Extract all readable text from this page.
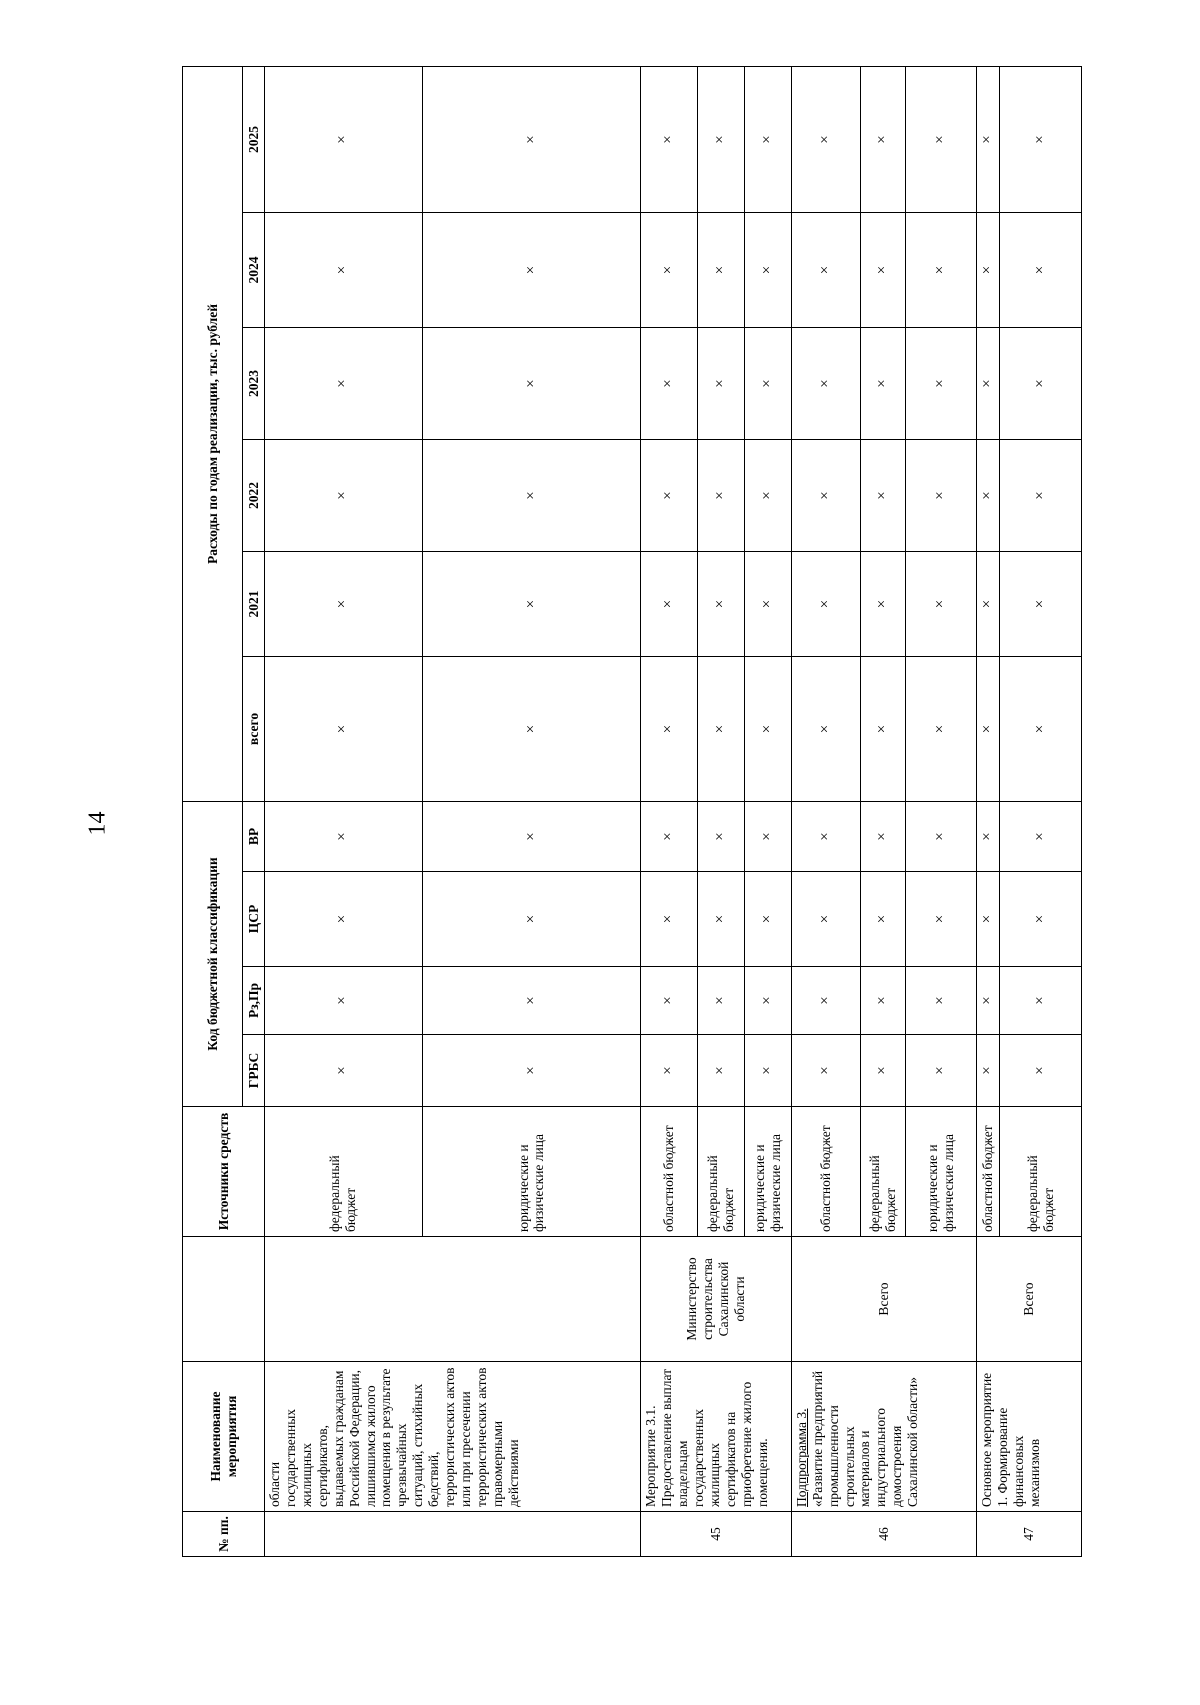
14
№ пп.	Наименование мероприятия		Источники средств	Код бюджетной классификации				Расходы по годам реализации, тыс. рублей					
				ГРБС	Рз,Пр	ЦСР	ВР	всего	2021	2022	2023	2024	2025
	области государственных жилищных сертификатов, выдаваемых гражданам Российской Федерации, лишившимся жилого помещения в результате чрезвычайных ситуаций, стихийных бедствий, террористических актов или при пресечении террористических актов правомерными действиями		федеральный бюджет	×	×	×	×	×	×	×	×	×	×
			юридические и физические лица	×	×	×	×	×	×	×	×	×	×
45	Мероприятие 3.1. Предоставление выплат владельцам государственных жилищных сертификатов на приобретение жилого помещения.	Министерство строительства Сахалинской области	областной бюджет	×	×	×	×	×	×	×	×	×	×
			федеральный бюджет	×	×	×	×	×	×	×	×	×	×
			юридические и физические лица	×	×	×	×	×	×	×	×	×	×
46	Подпрограмма 3. «Развитие предприятий промышленности строительных материалов и индустриального домостроения Сахалинской области»	Всего	областной бюджет	×	×	×	×	×	×	×	×	×	×
			федеральный бюджет	×	×	×	×	×	×	×	×	×	×
			юридические и физические лица	×	×	×	×	×	×	×	×	×	×
47	Основное мероприятие 1. Формирование финансовых механизмов	Всего	областной бюджет	×	×	×	×	×	×	×	×	×	×
			федеральный бюджет	×	×	×	×	×	×	×	×	×	×
